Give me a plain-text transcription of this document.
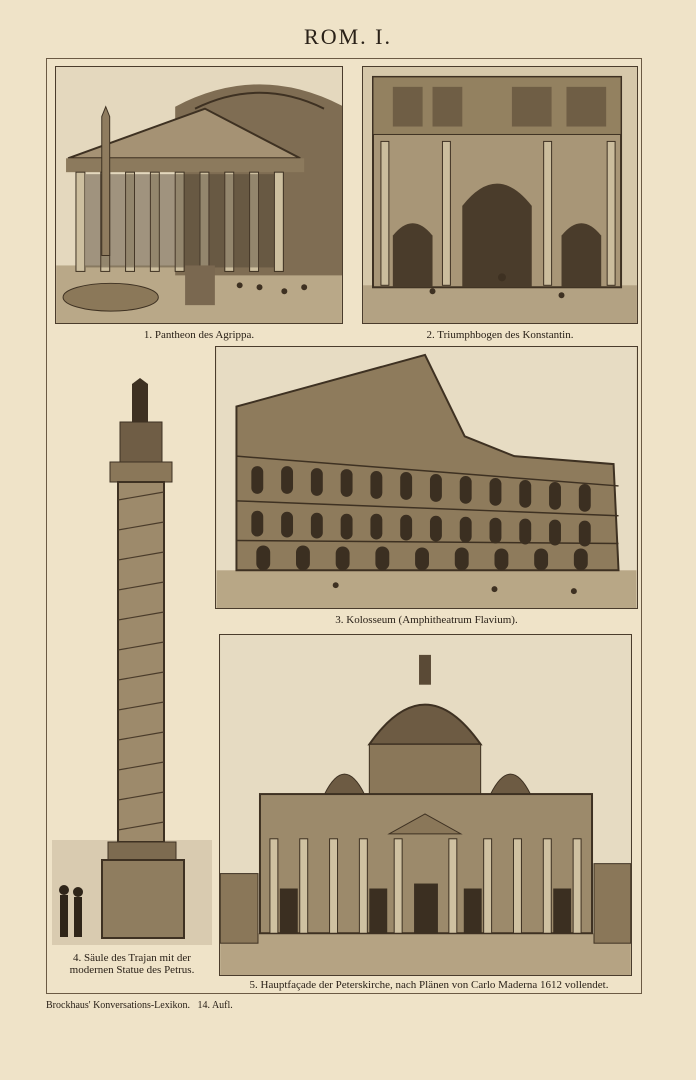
ROM. I.
1. Pantheon des Agrippa.	2. Triumphbogen des Konstantin.
3. Kolosseum (Amphitheatrum Flavium).
4. Säule des Trajan mit der
modernen Statue des Petrus.
5. Hauptfaçade der Peterskirche, nach Plänen von Carlo Maderna 1612 vollendet.
Brockhaus' Konversations-Lexikon.   14. Aufl.
